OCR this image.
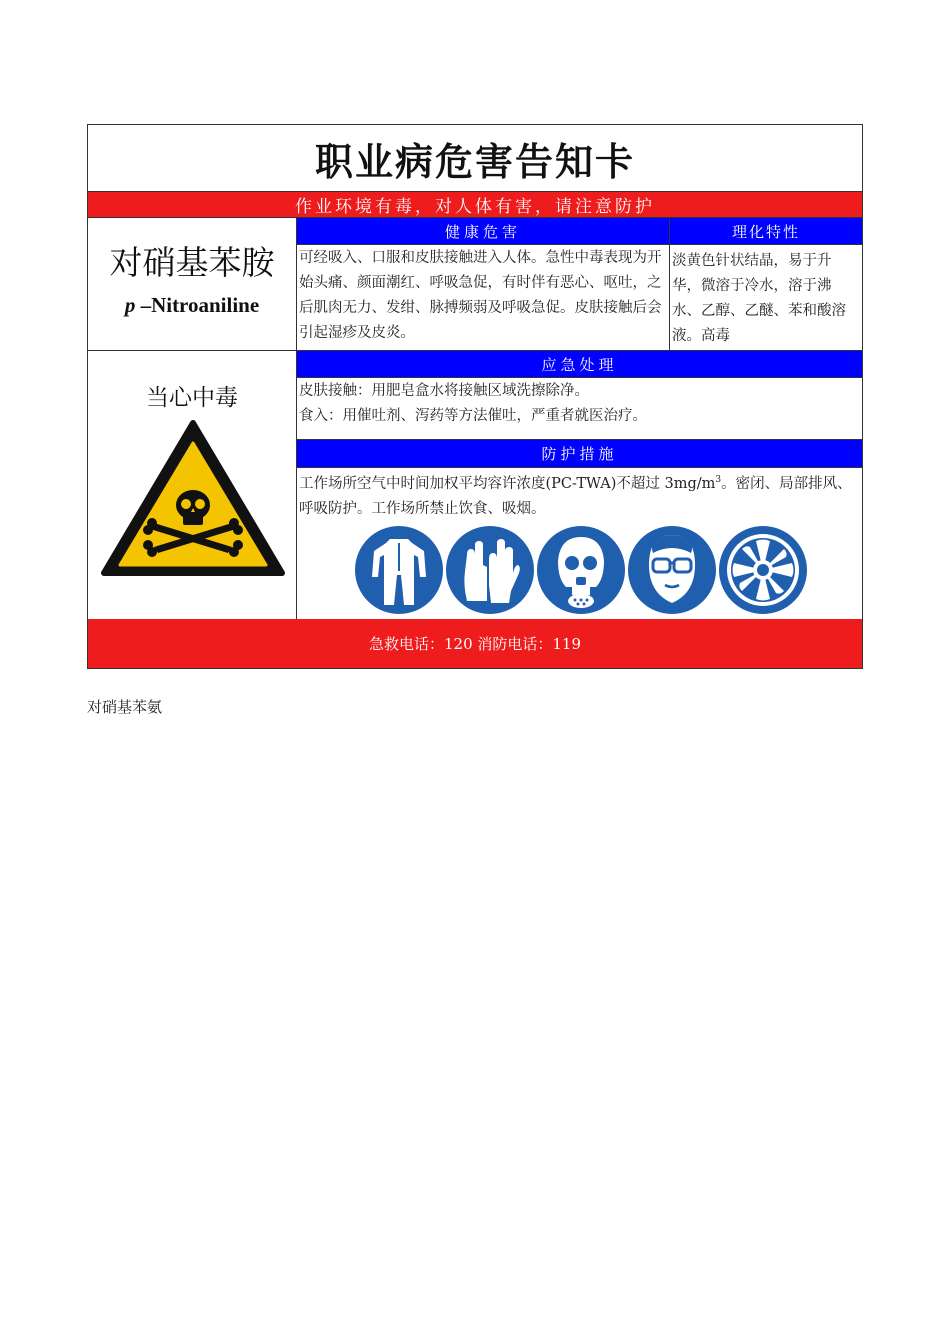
职业病危害告知卡
作业环境有毒，对人体有害，请注意防护
健康危害	理化特性
对硝基苯胺
p –Nitroaniline
可经吸入、口服和皮肤接触进入人体。急性中毒表现为开始头痛、颜面潮红、呼吸急促，有时伴有恶心、呕吐，之后肌肉无力、发绀、脉搏频弱及呼吸急促。皮肤接触后会引起湿疹及皮炎。
淡黄色针状结晶，易于升华，微溶于冷水，溶于沸水、乙醇、乙醚、苯和酸溶液。高毒
应急处理
皮肤接触：用肥皂盒水将接触区域洗擦除净。
食入：用催吐剂、泻药等方法催吐，严重者就医治疗。
防护措施
工作场所空气中时间加权平均容许浓度(PC-TWA)不超过 $3mg/m^3$。密闭、局部排风、呼吸防护。工作场所禁止饮食、吸烟。
当心中毒
急救电话：120 消防电话：119
对硝基苯氨
